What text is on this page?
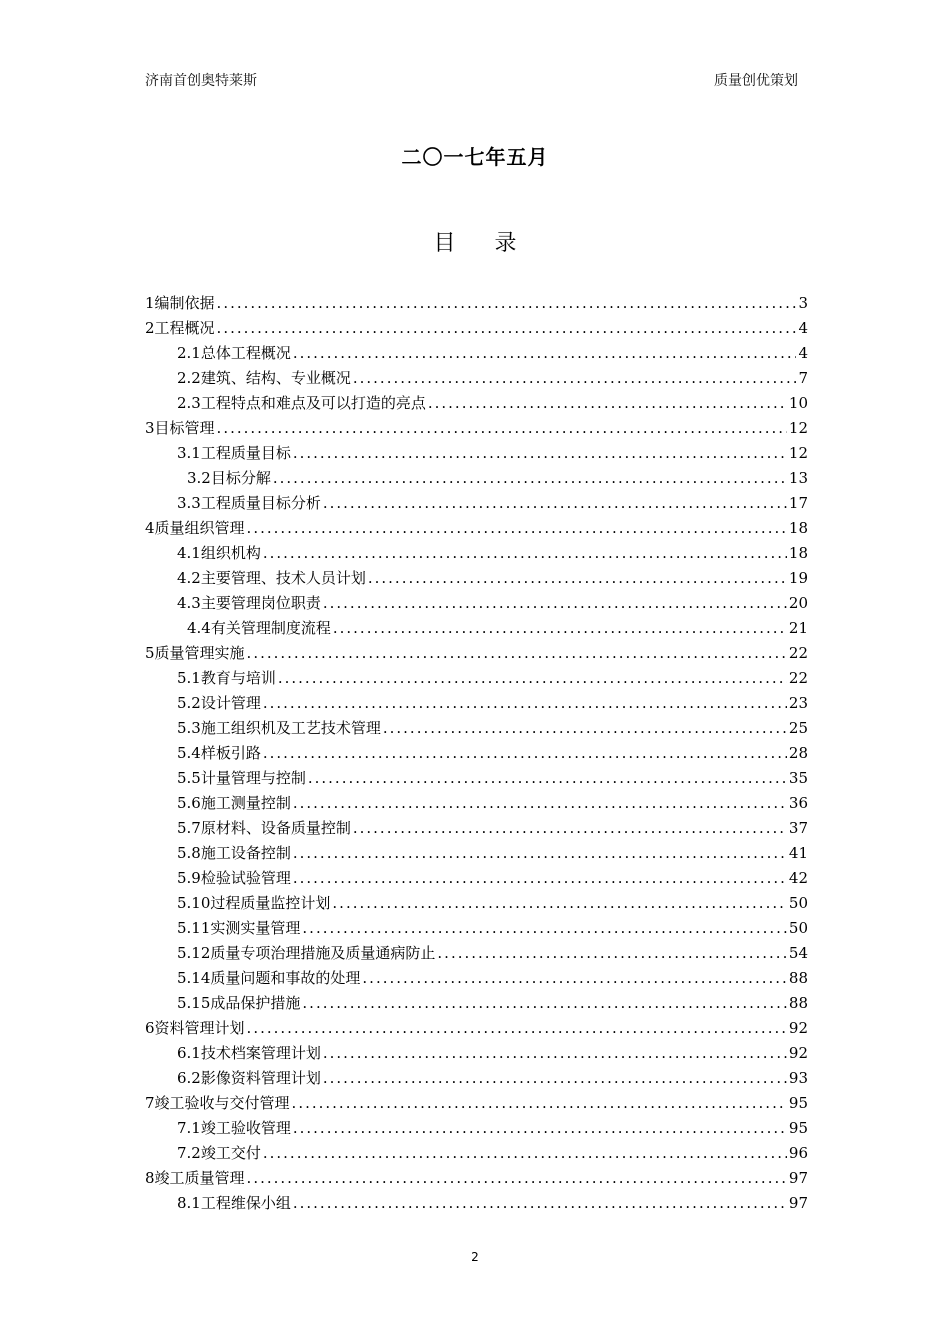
济南首创奥特莱斯	质量创优策划
二〇一七年五月
目 录
1编制依据 .....	3
2工程概况 .....	4
2.1总体工程概况 .....	4
2.2建筑、结构、专业概况 .....	7
2.3工程特点和难点及可以打造的亮点 .....	10
3目标管理 .....	12
3.1工程质量目标 .....	12
3.2目标分解 .....	13
3.3工程质量目标分析 .....	17
4质量组织管理 .....	18
4.1组织机构 .....	18
4.2主要管理、技术人员计划 .....	19
4.3主要管理岗位职责 .....	20
4.4有关管理制度流程 .....	21
5质量管理实施 .....	22
5.1教育与培训 .....	22
5.2设计管理 .....	23
5.3施工组织机及工艺技术管理 .....	25
5.4样板引路 .....	28
5.5计量管理与控制 .....	35
5.6施工测量控制 .....	36
5.7原材料、设备质量控制 .....	37
5.8施工设备控制 .....	41
5.9检验试验管理 .....	42
5.10过程质量监控计划 .....	50
5.11实测实量管理 .....	50
5.12质量专项治理措施及质量通病防止 .....	54
5.14质量问题和事故的处理 .....	88
5.15成品保护措施 .....	88
6资料管理计划 .....	92
6.1技术档案管理计划 .....	92
6.2影像资料管理计划 .....	93
7竣工验收与交付管理 .....	95
7.1竣工验收管理 .....	95
7.2竣工交付 .....	96
8竣工质量管理 .....	97
8.1工程维保小组 .....	97
2
